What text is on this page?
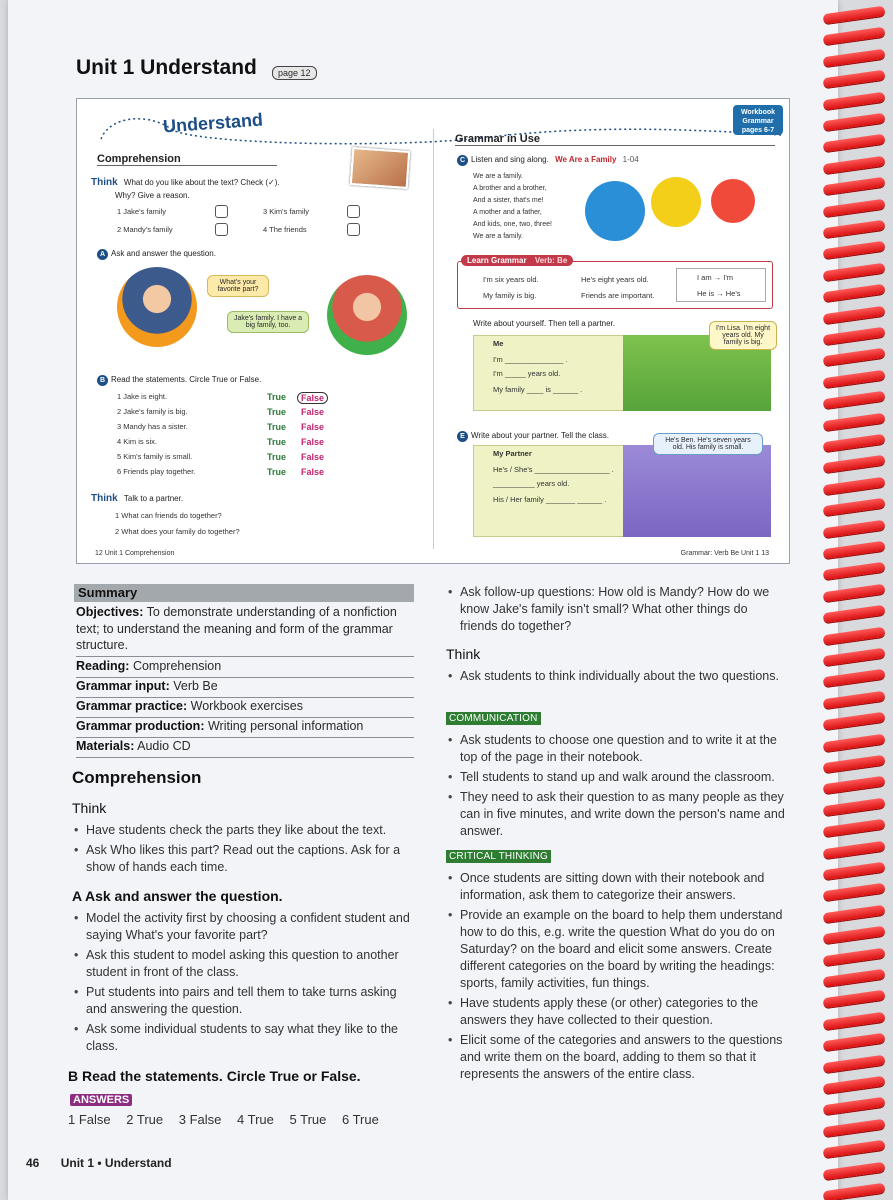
Unit 1 Understand	page 12
Understand	Workbook
Grammar
pages 6-7
Comprehension
Think What do you like about the text? Check (✓).
Why? Give a reason.
1 Jake's family
2 Mandy's family
3 Kim's family
4 The friends
A Ask and answer the question.
What's your favorite part?
Jake's family. I have a big family, too.
B Read the statements. Circle True or False.
1 Jake is eight.	True	False
2 Jake's family is big.	True False
3 Mandy has a sister.	True False
4 Kim is six.	True False
5 Kim's family is small.	True False
6 Friends play together.	True False
Think Talk to a partner.
1 What can friends do together?
2 What does your family do together?
12 Unit 1 Comprehension
Grammar in Use
C Listen and sing along. We Are a Family 1-04
We are a family.
A brother and a brother,
And a sister, that's me!
A mother and a father,
And kids, one, two, three!
We are a family.
Learn Grammar Verb: Be
I'm six years old.	He's eight years old.
My family is big.	Friends are important.
I am → I'm
He is → He's
Write about yourself. Then tell a partner.
Me
I'm ______________ .
I'm _____ years old.
My family ____ is ______ .
I'm Lisa. I'm eight years old. My family is big.
E Write about your partner. Tell the class.
My Partner
He's / She's __________________ .
__________ years old.
His / Her family _______ ______ .
He's Ben. He's seven years old. His family is small.
Grammar: Verb Be Unit 1 13
Summary
Objectives: To demonstrate understanding of a nonfiction text; to understand the meaning and form of the grammar structure.
Reading: Comprehension
Grammar input: Verb Be
Grammar practice: Workbook exercises
Grammar production: Writing personal information
Materials: Audio CD
Comprehension
Think
• Have students check the parts they like about the text.
• Ask Who likes this part? Read out the captions. Ask for a show of hands each time.
A Ask and answer the question.
• Model the activity first by choosing a confident student and saying What's your favorite part?
• Ask this student to model asking this question to another student in front of the class.
• Put students into pairs and tell them to take turns asking and answering the question.
• Ask some individual students to say what they like to the class.
B Read the statements. Circle True or False.
ANSWERS
1 False 2 True 3 False 4 True 5 True 6 True
• Ask follow-up questions: How old is Mandy? How do we know Jake's family isn't small? What other things do friends do together?
Think
• Ask students to think individually about the two questions.
COMMUNICATION
• Ask students to choose one question and to write it at the top of the page in their notebook.
• Tell students to stand up and walk around the classroom.
• They need to ask their question to as many people as they can in five minutes, and write down the person's name and answer.
CRITICAL THINKING
• Once students are sitting down with their notebook and information, ask them to categorize their answers.
• Provide an example on the board to help them understand how to do this, e.g. write the question What do you do on Saturday? on the board and elicit some answers. Create different categories on the board by writing the headings: sports, family activities, fun things.
• Have students apply these (or other) categories to the answers they have collected to their question.
• Elicit some of the categories and answers to the questions and write them on the board, adding to them so that it represents the answers of the entire class.
46 Unit 1 • Understand
